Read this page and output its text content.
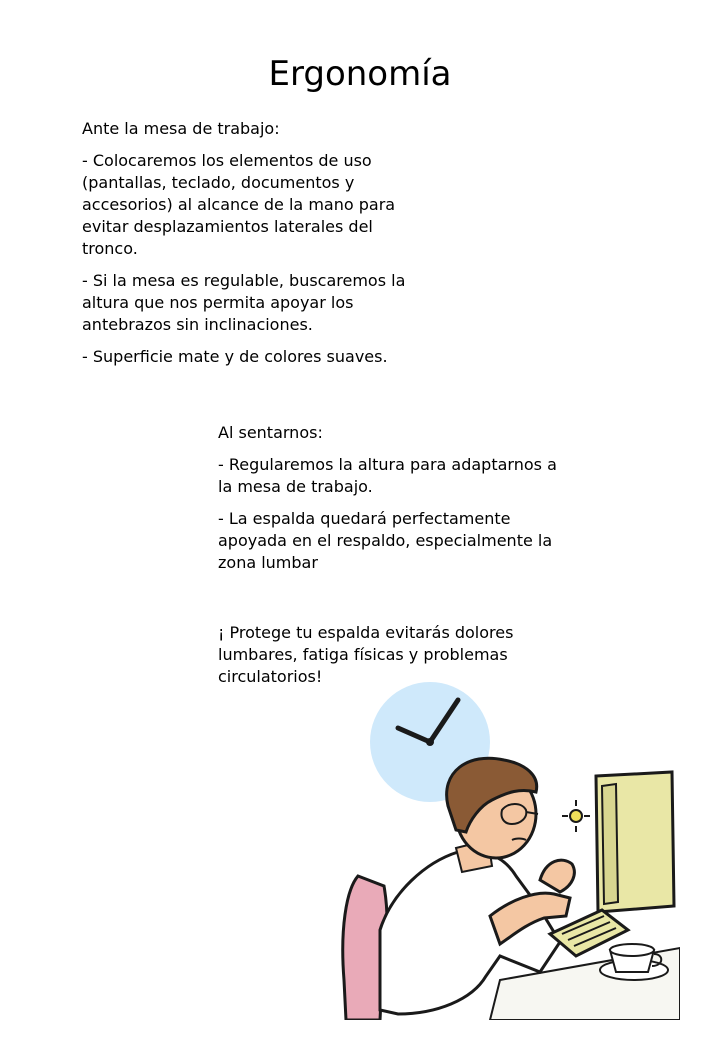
Ergonomía

Ante la mesa de trabajo:

- Colocaremos los elementos de uso (pantallas, teclado, documentos y accesorios) al alcance de la mano para evitar desplazamientos laterales del tronco.

- Si la mesa es regulable, buscaremos la altura que nos permita apoyar los antebrazos sin inclinaciones.

- Superficie mate y de colores suaves.

Al sentarnos:

- Regularemos la altura para adaptarnos a la mesa de trabajo.

- La espalda quedará perfectamente apoyada en el respaldo, especialmente la zona lumbar

¡ Protege tu espalda evitarás dolores lumbares, fatiga físicas y problemas circulatorios!
